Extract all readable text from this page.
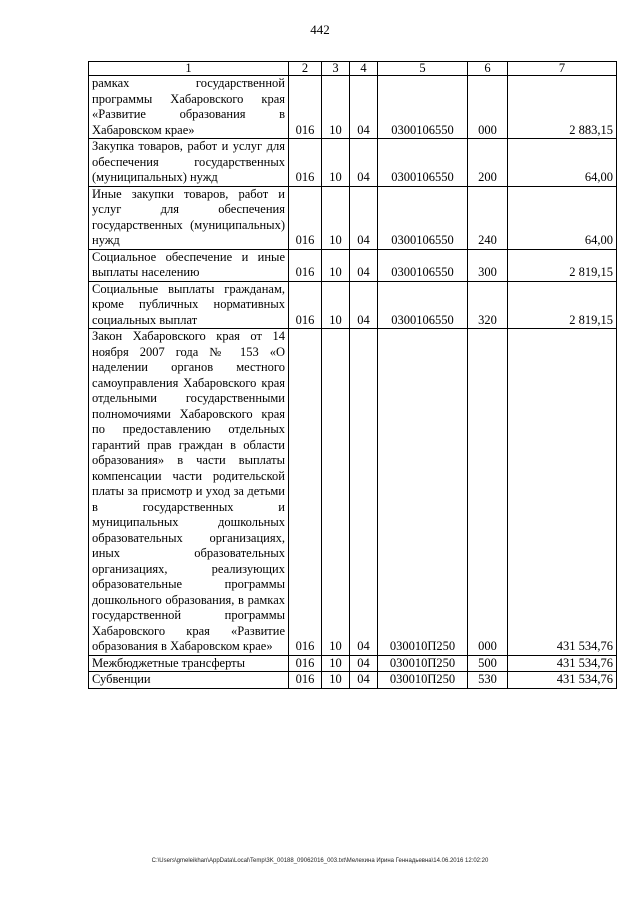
442
1	2	3	4	5	6	7
рамках государственной программы Хабаровского края «Развитие образования в Хабаровском крае»	016	10	04	0300106550	000	2 883,15
Закупка товаров, работ и услуг для обеспечения государственных (муниципальных) нужд	016	10	04	0300106550	200	64,00
Иные закупки товаров, работ и услуг для обеспечения государственных (муниципальных) нужд	016	10	04	0300106550	240	64,00
Социальное обеспечение и иные выплаты населению	016	10	04	0300106550	300	2 819,15
Социальные выплаты гражданам, кроме публичных нормативных социальных выплат	016	10	04	0300106550	320	2 819,15
Закон Хабаровского края от 14 ноября 2007 года № 153 «О наделении органов местного самоуправления Хабаровского края отдельными государственными полномочиями Хабаровского края по предоставлению отдельных гарантий прав граждан в области образования» в части выплаты компенсации части родительской платы за присмотр и уход за детьми в государственных и муниципальных дошкольных образовательных организациях, иных образовательных организациях, реализующих образовательные программы дошкольного образования, в рамках государственной программы Хабаровского края «Развитие образования в Хабаровском крае»	016	10	04	030010П250	000	431 534,76
Межбюджетные трансферты	016	10	04	030010П250	500	431 534,76
Субвенции	016	10	04	030010П250	530	431 534,76
C:\Users\gmeleikhan\AppData\Local\Temp\3K_00188_09062016_003.txt\Мелехина Ирина Геннадьевна\14.06.2016 12:02:20
